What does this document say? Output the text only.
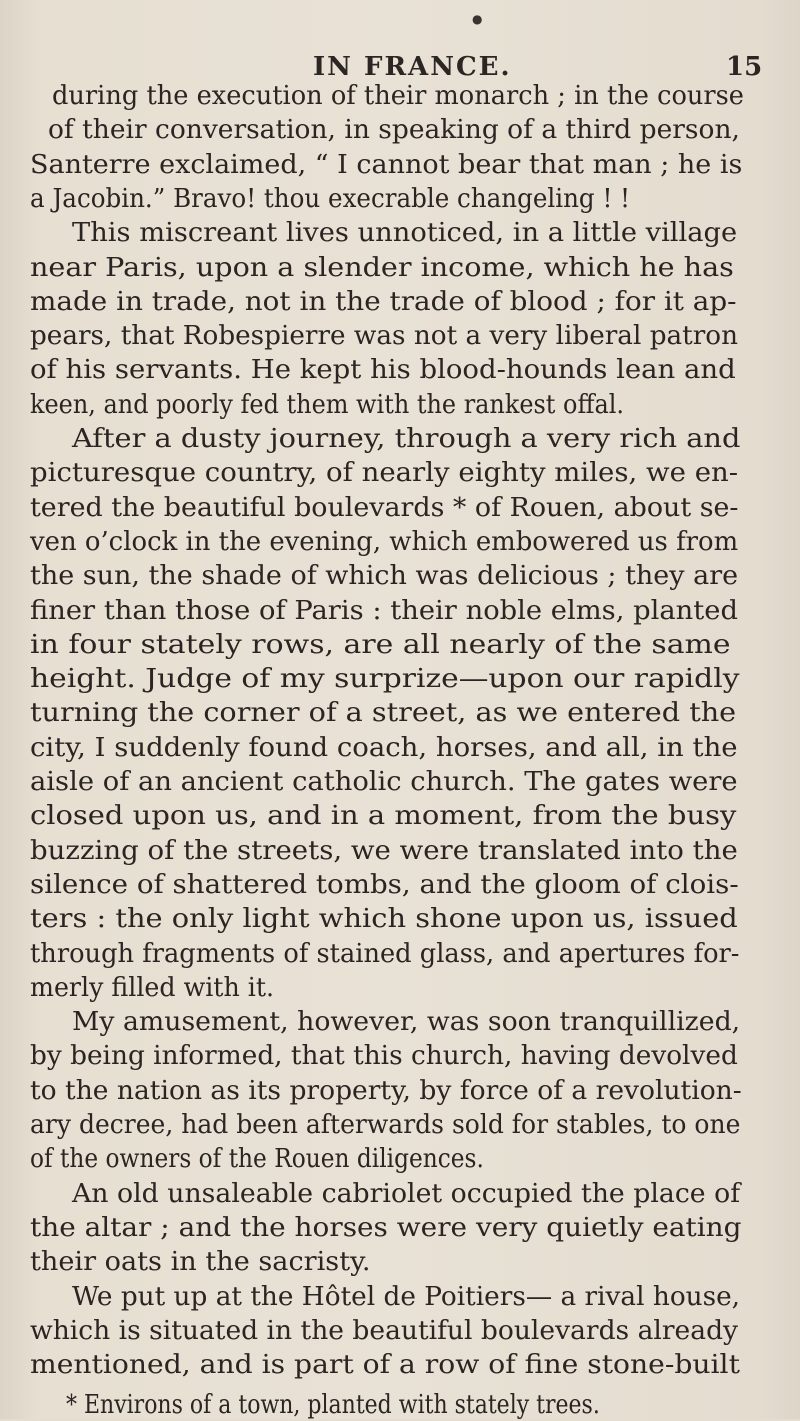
●
IN FRANCE.	15
during the execution of their monarch ; in the course
of their conversation, in speaking of a third person,
Santerre exclaimed, “ I cannot bear that man ; he is
a Jacobin.” Bravo! thou execrable changeling ! !
This miscreant lives unnoticed, in a little village
near Paris, upon a slender income, which he has
made in trade, not in the trade of blood ; for it ap-
pears, that Robespierre was not a very liberal patron
of his servants. He kept his blood-hounds lean and
keen, and poorly fed them with the rankest offal.
After a dusty journey, through a very rich and
picturesque country, of nearly eighty miles, we en-
tered the beautiful boulevards * of Rouen, about se-
ven o’clock in the evening, which embowered us from
the sun, the shade of which was delicious ; they are
finer than those of Paris : their noble elms, planted
in four stately rows, are all nearly of the same
height. Judge of my surprize—upon our rapidly
turning the corner of a street, as we entered the
city, I suddenly found coach, horses, and all, in the
aisle of an ancient catholic church. The gates were
closed upon us, and in a moment, from the busy
buzzing of the streets, we were translated into the
silence of shattered tombs, and the gloom of clois-
ters : the only light which shone upon us, issued
through fragments of stained glass, and apertures for-
merly filled with it.
My amusement, however, was soon tranquillized,
by being informed, that this church, having devolved
to the nation as its property, by force of a revolution-
ary decree, had been afterwards sold for stables, to one
of the owners of the Rouen diligences.
An old unsaleable cabriolet occupied the place of
the altar ; and the horses were very quietly eating
their oats in the sacristy.
We put up at the Hôtel de Poitiers— a rival house,
which is situated in the beautiful boulevards already
mentioned, and is part of a row of fine stone-built
* Environs of a town, planted with stately trees.
